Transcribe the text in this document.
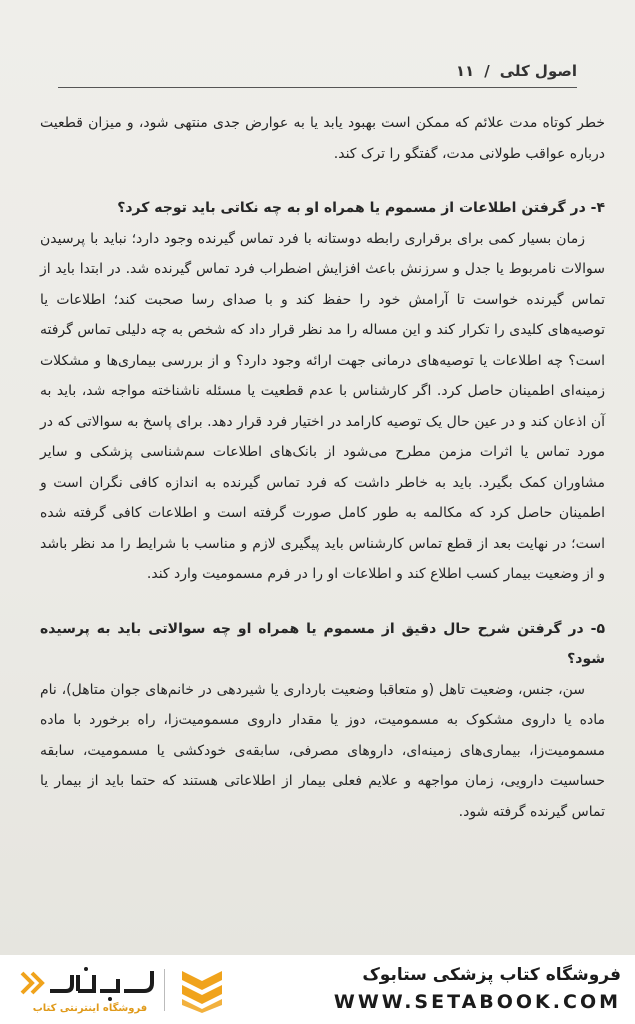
اصول کلی
/
۱۱

خطر کوتاه مدت علائم که ممکن است بهبود یابد یا به عوارض جدی منتهی شود، و میزان قطعیت درباره عواقب طولانی مدت، گفتگو را ترک کند.

۴- در گرفتن اطلاعات از مسموم یا همراه او به چه نکاتی باید توجه کرد؟

زمان بسیار کمی برای برقراری رابطه دوستانه با فرد تماس گیرنده وجود دارد؛ نباید با پرسیدن سوالات نامربوط یا جدل و سرزنش باعث افزایش اضطراب فرد تماس گیرنده شد. در ابتدا باید از تماس گیرنده خواست تا آرامش خود را حفظ کند و با صدای رسا صحبت کند؛ اطلاعات یا توصیه‌های کلیدی را تکرار کند و این مساله را مد نظر قرار داد که شخص به چه دلیلی تماس گرفته است؟ چه اطلاعات یا توصیه‌های درمانی جهت ارائه وجود دارد؟ و از بررسی بیماری‌ها و مشکلات زمینه‌ای اطمینان حاصل کرد. اگر کارشناس با عدم قطعیت یا مسئله ناشناخته مواجه شد، باید به آن اذعان کند و در عین حال یک توصیه کارامد در اختیار فرد قرار دهد. برای پاسخ به سوالاتی که در مورد تماس یا اثرات مزمن مطرح می‌شود از بانک‌های اطلاعات سم‌شناسی پزشکی و سایر مشاوران کمک بگیرد. باید به خاطر داشت که فرد تماس گیرنده به اندازه کافی نگران است و اطمینان حاصل کرد که مکالمه به طور کامل صورت گرفته است و اطلاعات کافی گرفته شده است؛ در نهایت بعد از قطع تماس کارشناس باید پیگیری لازم و مناسب با شرایط را مد نظر باشد و از وضعیت بیمار کسب اطلاع کند و اطلاعات او را در فرم مسمومیت وارد کند.

۵- در گرفتن شرح حال دقیق از مسموم یا همراه او چه سوالاتی باید به پرسیده شود؟

سن، جنس، وضعیت تاهل (و متعاقبا وضعیت بارداری یا شیردهی در خانم‌های جوان متاهل)، نام ماده یا داروی مشکوک به مسمومیت، دوز یا مقدار داروی مسمومیت‌زا، راه برخورد با ماده مسمومیت‌زا، بیماری‌های زمینه‌ای، داروهای مصرفی، سابقه‌ی خودکشی یا مسمومیت، سابقه حساسیت دارویی، زمان مواجهه و علایم فعلی بیمار از اطلاعاتی هستند که حتما باید از بیمار یا تماس گیرنده گرفته شود.

فروشگاه کتاب پزشکی ستابوک
WWW.SETABOOK.COM
فروشگاه اینترنتی کتاب
